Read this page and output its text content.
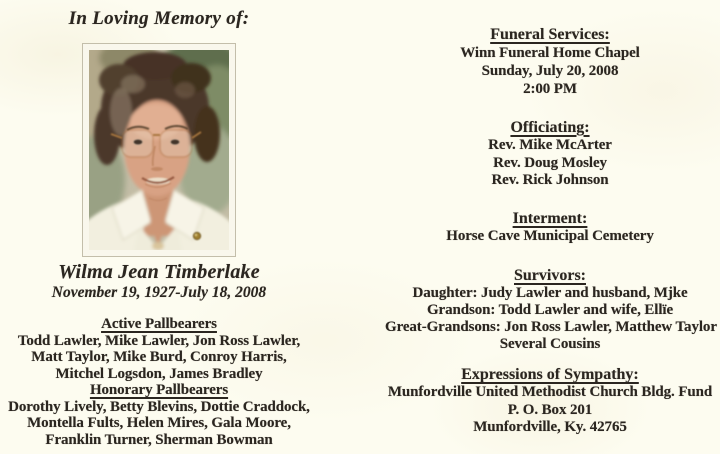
In Loving Memory of:
Wilma Jean Timberlake
November 19, 1927-July 18, 2008
Active Pallbearers
Todd Lawler, Mike Lawler, Jon Ross Lawler,
Matt Taylor, Mike Burd, Conroy Harris,
Mitchel Logsdon, James Bradley
Honorary Pallbearers
Dorothy Lively, Betty Blevins, Dottie Craddock,
Montella Fults, Helen Mires, Gala Moore,
Franklin Turner, Sherman Bowman
Funeral Services:
Winn Funeral Home Chapel
Sunday, July 20, 2008
2:00 PM
Officiating:
Rev. Mike McArter
Rev. Doug Mosley
Rev. Rick Johnson
Interment:
Horse Cave Municipal Cemetery
Survivors:
Daughter: Judy Lawler and husband, Mjke
Grandson: Todd Lawler and wife, Ellïe
Great-Grandsons: Jon Ross Lawler, Matthew Taylor
Several Cousins
Expressions of Sympathy:
Munfordville United Methodist Church Bldg. Fund
P. O. Box 201
Munfordville, Ky. 42765
